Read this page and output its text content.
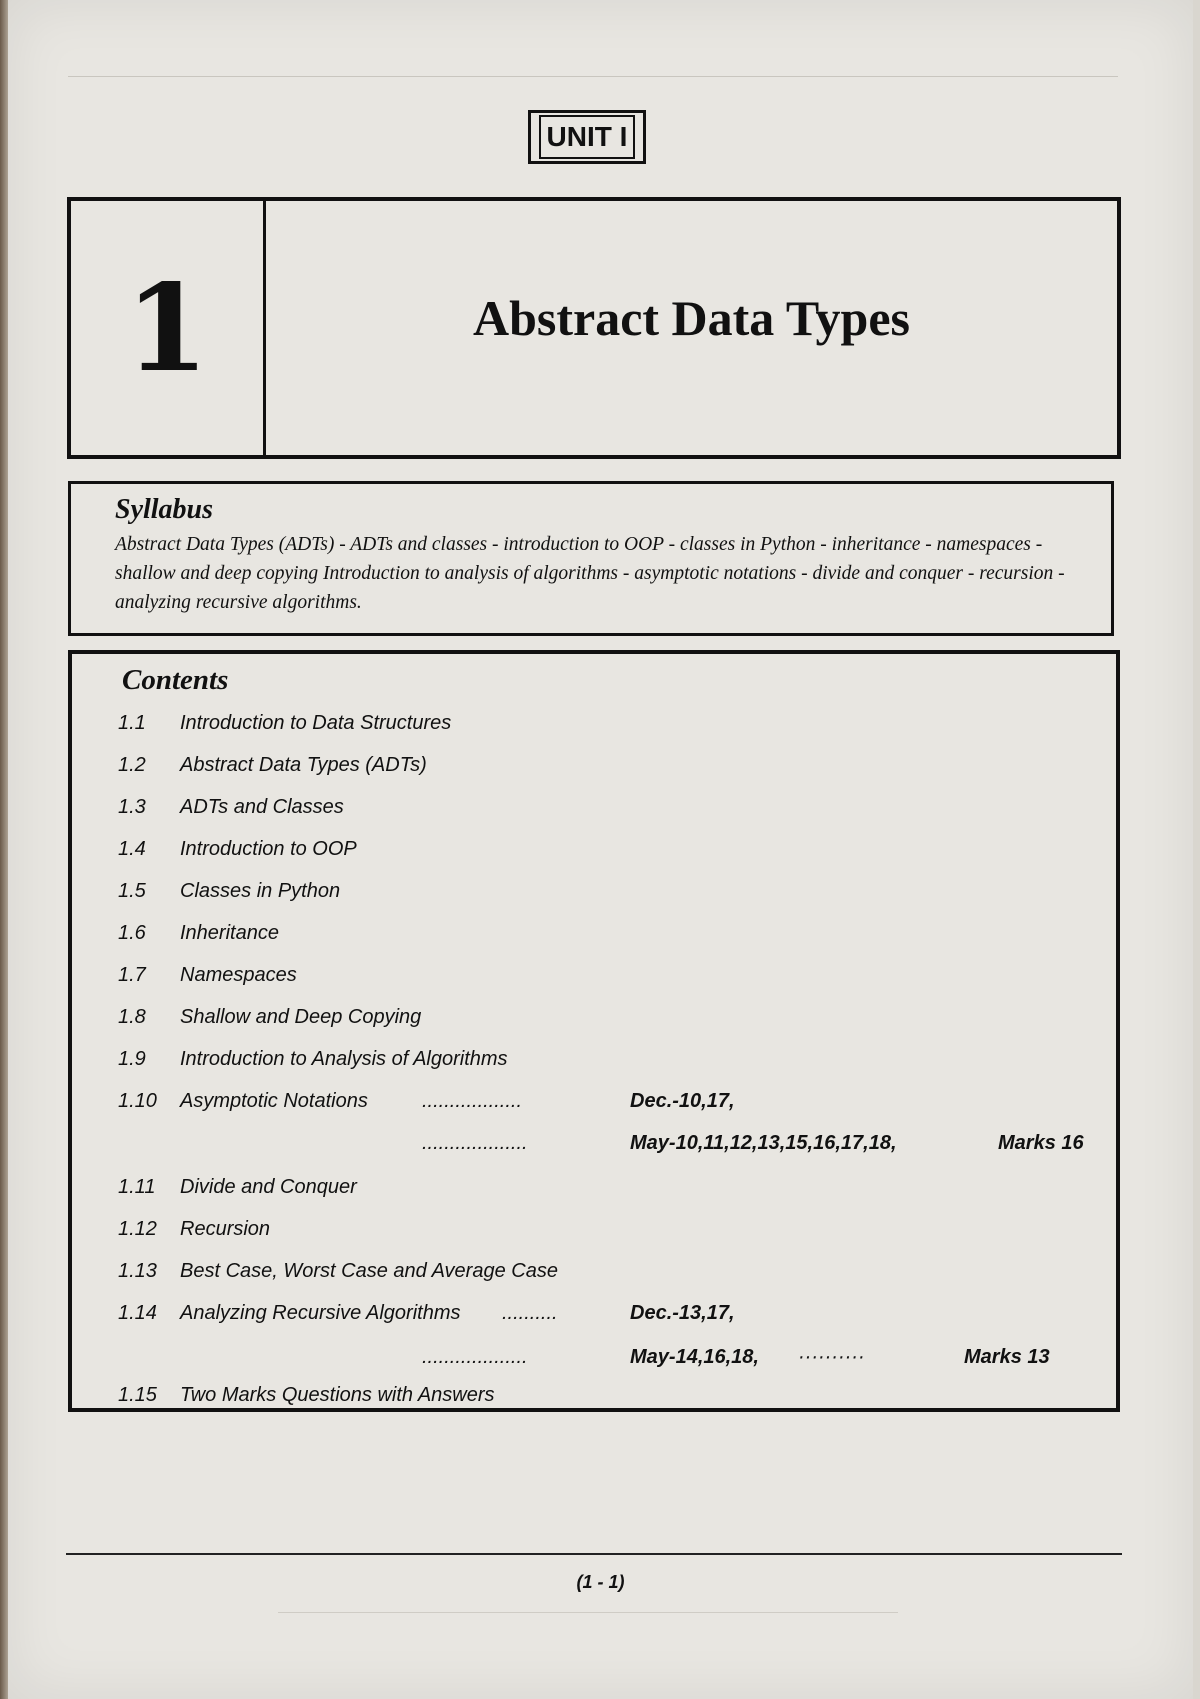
UNIT I
1	Abstract Data Types
Syllabus
Abstract Data Types (ADTs) - ADTs and classes - introduction to OOP - classes in Python - inheritance - namespaces - shallow and deep copying Introduction to analysis of algorithms - asymptotic notations - divide and conquer - recursion - analyzing recursive algorithms.
Contents
1.1	Introduction to Data Structures
1.2	Abstract Data Types (ADTs)
1.3	ADTs and Classes
1.4	Introduction to OOP
1.5	Classes in Python
1.6	Inheritance
1.7	Namespaces
1.8	Shallow and Deep Copying
1.9	Introduction to Analysis of Algorithms
1.10	Asymptotic Notations	..................	Dec.-10,17,
...................	May-10,11,12,13,15,16,17,18,	Marks 16
1.11	Divide and Conquer
1.12	Recursion
1.13	Best Case, Worst Case and Average Case
1.14	Analyzing Recursive Algorithms ..........	Dec.-13,17,
...................	May-14,16,18, ··········	Marks 13
1.15	Two Marks Questions with Answers
(1 - 1)
